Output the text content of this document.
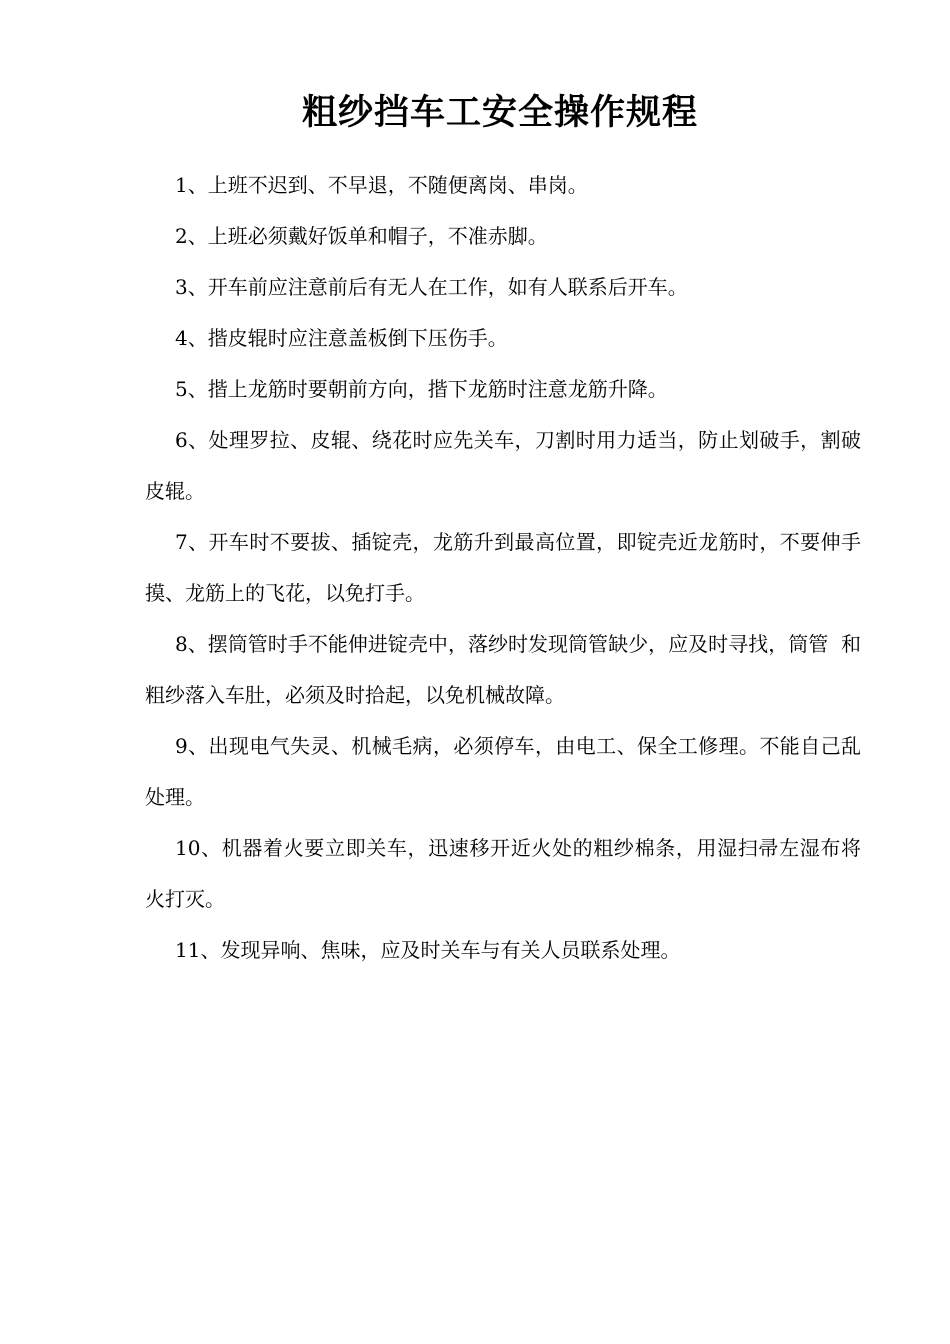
粗纱挡车工安全操作规程

1、上班不迟到、不早退，不随便离岗、串岗。

2、上班必须戴好饭单和帽子，不准赤脚。

3、开车前应注意前后有无人在工作，如有人联系后开车。

4、揩皮辊时应注意盖板倒下压伤手。

5、揩上龙筋时要朝前方向，揩下龙筋时注意龙筋升降。

6、处理罗拉、皮辊、绕花时应先关车，刀割时用力适当，防止划破手，割破皮辊。

7、开车时不要拔、插锭壳，龙筋升到最高位置，即锭壳近龙筋时，不要伸手摸、龙筋上的飞花，以免打手。

8、摆筒管时手不能伸进锭壳中，落纱时发现筒管缺少，应及时寻找，筒管  和粗纱落入车肚，必须及时拾起，以免机械故障。

9、出现电气失灵、机械毛病，必须停车，由电工、保全工修理。不能自己乱处理。

10、机器着火要立即关车，迅速移开近火处的粗纱棉条，用湿扫帚左湿布将  火打灭。

11、发现异响、焦味，应及时关车与有关人员联系处理。
